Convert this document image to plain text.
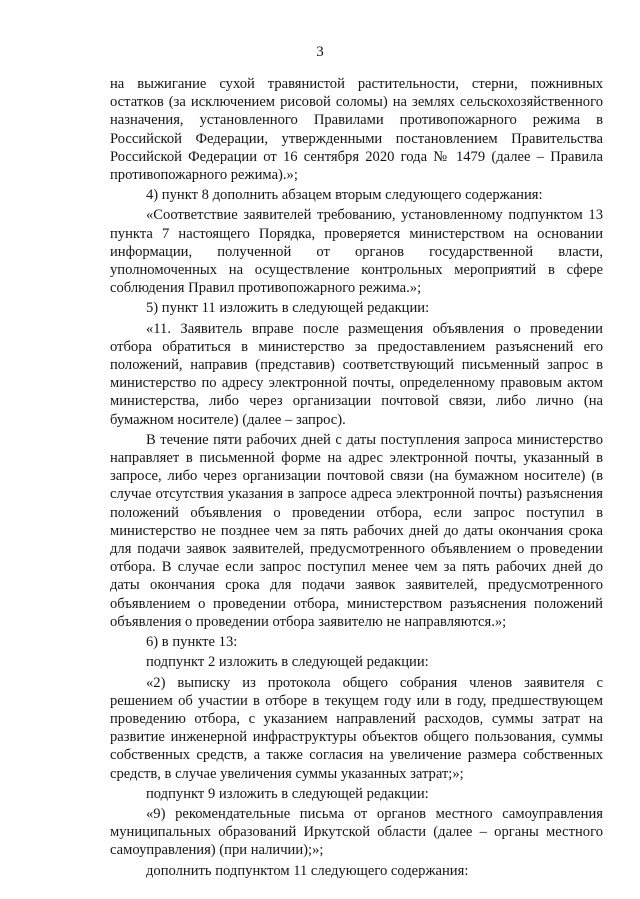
3

на выжигание сухой травянистой растительности, стерни, пожнивных остатков (за исключением рисовой соломы) на землях сельскохозяйственного назначения, установленного Правилами противопожарного режима в Российской Федерации, утвержденными постановлением Правительства Российской Федерации от 16 сентября 2020 года № 1479 (далее – Правила противопожарного режима).»;

4) пункт 8 дополнить абзацем вторым следующего содержания:

«Соответствие заявителей требованию, установленному подпунктом 13 пункта 7 настоящего Порядка, проверяется министерством на основании информации, полученной от органов государственной власти, уполномоченных на осуществление контрольных мероприятий в сфере соблюдения Правил противопожарного режима.»;

5) пункт 11 изложить в следующей редакции:

«11. Заявитель вправе после размещения объявления о проведении отбора обратиться в министерство за предоставлением разъяснений его положений, направив (представив) соответствующий письменный запрос в министерство по адресу электронной почты, определенному правовым актом министерства, либо через организации почтовой связи, либо лично (на бумажном носителе) (далее – запрос).

В течение пяти рабочих дней с даты поступления запроса министерство направляет в письменной форме на адрес электронной почты, указанный в запросе, либо через организации почтовой связи (на бумажном носителе) (в случае отсутствия указания в запросе адреса электронной почты) разъяснения положений объявления о проведении отбора, если запрос поступил в министерство не позднее чем за пять рабочих дней до даты окончания срока для подачи заявок заявителей, предусмотренного объявлением о проведении отбора. В случае если запрос поступил менее чем за пять рабочих дней до даты окончания срока для подачи заявок заявителей, предусмотренного объявлением о проведении отбора, министерством разъяснения положений объявления о проведении отбора заявителю не направляются.»;

6) в пункте 13:

подпункт 2 изложить в следующей редакции:

«2) выписку из протокола общего собрания членов заявителя с решением об участии в отборе в текущем году или в году, предшествующем проведению отбора, с указанием направлений расходов, суммы затрат на развитие инженерной инфраструктуры объектов общего пользования, суммы собственных средств, а также согласия на увеличение размера собственных средств, в случае увеличения суммы указанных затрат;»;

подпункт 9 изложить в следующей редакции:

«9) рекомендательные письма от органов местного самоуправления муниципальных образований Иркутской области (далее – органы местного самоуправления) (при наличии);»;

дополнить подпунктом 11 следующего содержания:
